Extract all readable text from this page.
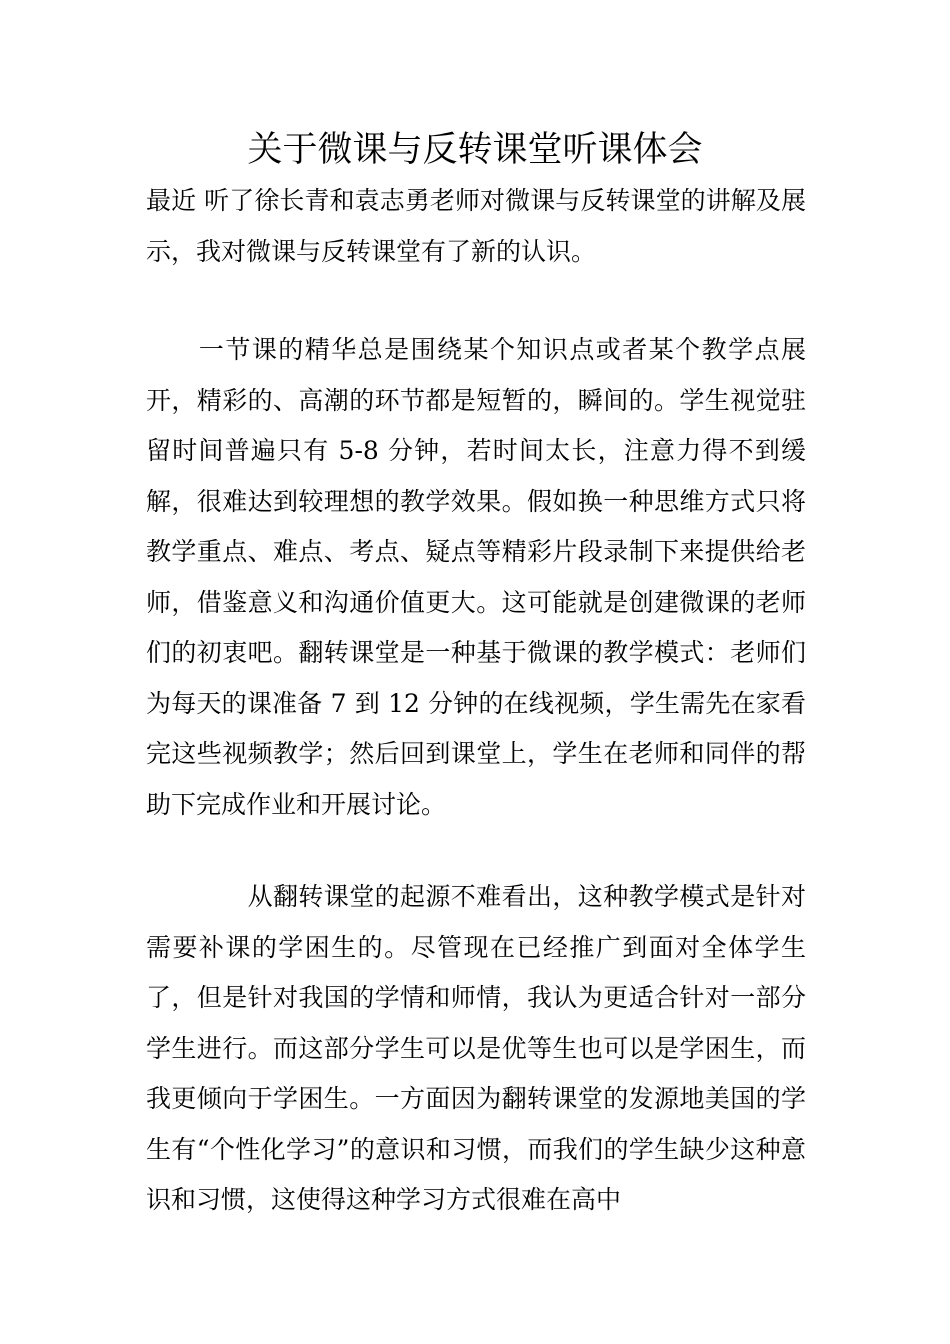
关于微课与反转课堂听课体会

最近 听了徐长青和袁志勇老师对微课与反转课堂的讲解及展示，我对微课与反转课堂有了新的认识。

　　一节课的精华总是围绕某个知识点或者某个教学点展开，精彩的、高潮的环节都是短暂的，瞬间的。学生视觉驻留时间普遍只有 5-8 分钟，若时间太长，注意力得不到缓解，很难达到较理想的教学效果。假如换一种思维方式只将教学重点、难点、考点、疑点等精彩片段录制下来提供给老师，借鉴意义和沟通价值更大。这可能就是创建微课的老师们的初衷吧。翻转课堂是一种基于微课的教学模式：老师们为每天的课准备 7 到 12 分钟的在线视频，学生需先在家看完这些视频教学；然后回到课堂上，学生在老师和同伴的帮助下完成作业和开展讨论。

　　　　从翻转课堂的起源不难看出，这种教学模式是针对需要补课的学困生的。尽管现在已经推广到面对全体学生了，但是针对我国的学情和师情，我认为更适合针对一部分学生进行。而这部分学生可以是优等生也可以是学困生，而我更倾向于学困生。一方面因为翻转课堂的发源地美国的学生有“个性化学习”的意识和习惯，而我们的学生缺少这种意识和习惯，这使得这种学习方式很难在高中
